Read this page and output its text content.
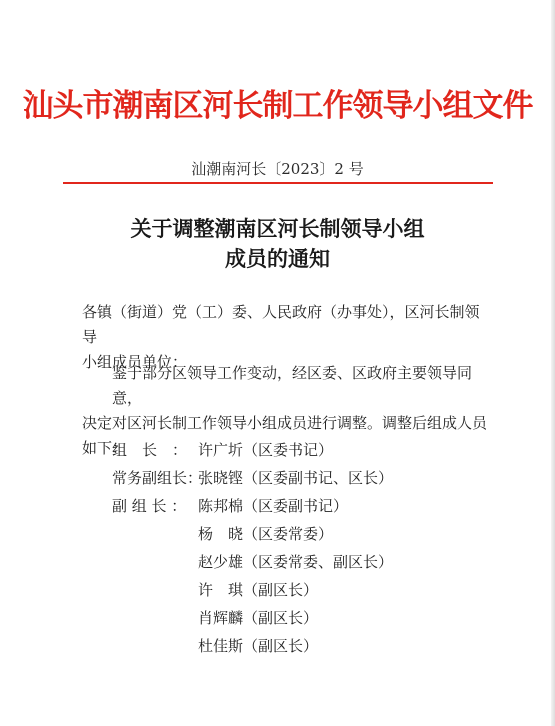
汕头市潮南区河长制工作领导小组文件
汕潮南河长〔2023〕2 号
关于调整潮南区河长制领导小组
成员的通知
各镇（街道）党（工）委、人民政府（办事处），区河长制领导
小组成员单位：
鉴于部分区领导工作变动，经区委、区政府主要领导同意，
决定对区河长制工作领导小组成员进行调整。调整后组成人员
如下：
组　长　： 许广圻（区委书记）
常务副组长：张晓铿（区委副书记、区长）
副 组 长 ： 陈邦棉（区委副书记）
杨　晓（区委常委）
赵少雄（区委常委、副区长）
许　琪（副区长）
肖辉麟（副区长）
杜佳斯（副区长）
